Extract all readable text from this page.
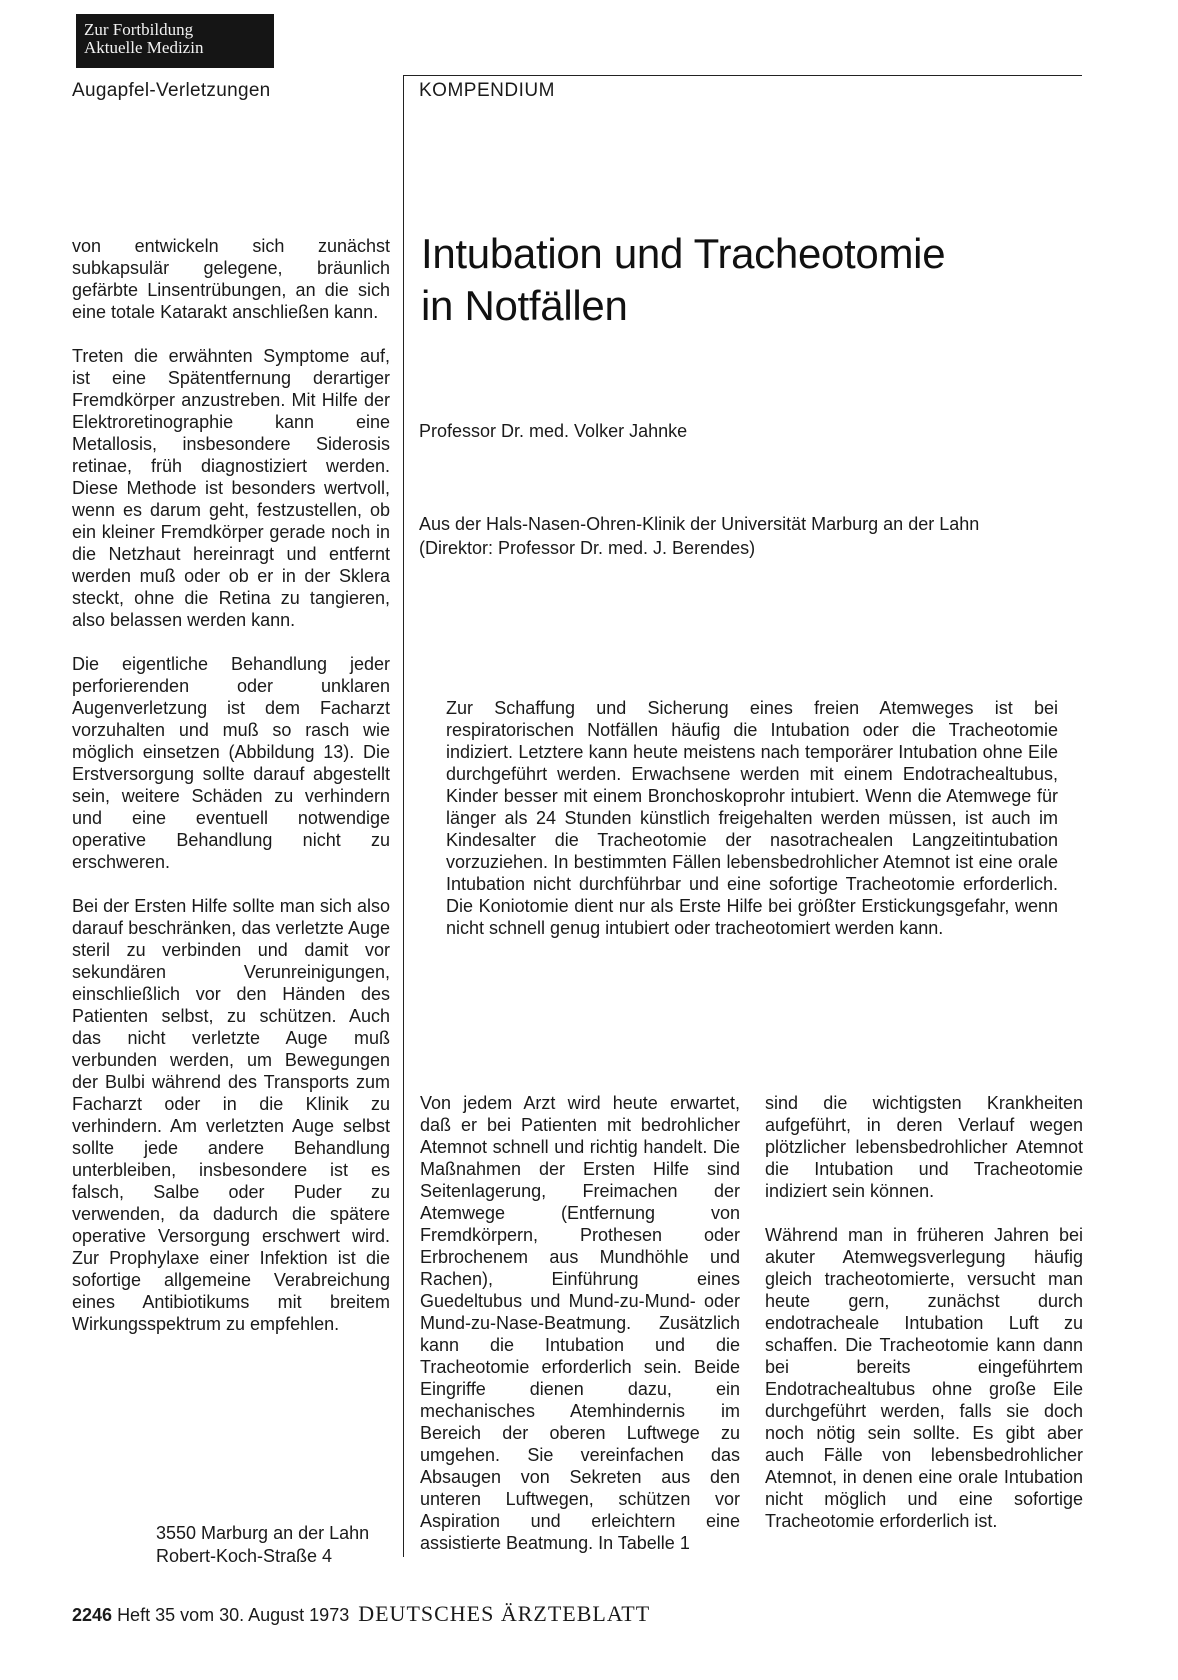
Zur Fortbildung
Aktuelle Medizin
Augapfel-Verletzungen	KOMPENDIUM
Intubation und Tracheotomie
in Notfällen
Professor Dr. med. Volker Jahnke
Aus der Hals-Nasen-Ohren-Klinik der Universität Marburg an der Lahn
(Direktor: Professor Dr. med. J. Berendes)

von entwickeln sich zunächst subkapsulär gelegene, bräunlich gefärbte Linsentrübungen, an die sich eine totale Katarakt anschließen kann.

Treten die erwähnten Symptome auf, ist eine Spätentfernung derartiger Fremdkörper anzustreben. Mit Hilfe der Elektroretinographie kann eine Metallosis, insbesondere Siderosis retinae, früh diagnostiziert werden. Diese Methode ist besonders wertvoll, wenn es darum geht, festzustellen, ob ein kleiner Fremdkörper gerade noch in die Netzhaut hereinragt und entfernt werden muß oder ob er in der Sklera steckt, ohne die Retina zu tangieren, also belassen werden kann.

Die eigentliche Behandlung jeder perforierenden oder unklaren Augenverletzung ist dem Facharzt vorzuhalten und muß so rasch wie möglich einsetzen (Abbildung 13). Die Erstversorgung sollte darauf abgestellt sein, weitere Schäden zu verhindern und eine eventuell notwendige operative Behandlung nicht zu erschweren.

Bei der Ersten Hilfe sollte man sich also darauf beschränken, das verletzte Auge steril zu verbinden und damit vor sekundären Verunreinigungen, einschließlich vor den Händen des Patienten selbst, zu schützen. Auch das nicht verletzte Auge muß verbunden werden, um Bewegungen der Bulbi während des Transports zum Facharzt oder in die Klinik zu verhindern. Am verletzten Auge selbst sollte jede andere Behandlung unterbleiben, insbesondere ist es falsch, Salbe oder Puder zu verwenden, da dadurch die spätere operative Versorgung erschwert wird. Zur Prophylaxe einer Infektion ist die sofortige allgemeine Verabreichung eines Antibiotikums mit breitem Wirkungsspektrum zu empfehlen.

3550 Marburg an der Lahn
Robert-Koch-Straße 4

Zur Schaffung und Sicherung eines freien Atemweges ist bei respiratorischen Notfällen häufig die Intubation oder die Tracheotomie indiziert. Letztere kann heute meistens nach temporärer Intubation ohne Eile durchgeführt werden. Erwachsene werden mit einem Endotrachealtubus, Kinder besser mit einem Bronchoskoprohr intubiert. Wenn die Atemwege für länger als 24 Stunden künstlich freigehalten werden müssen, ist auch im Kindesalter die Tracheotomie der nasotrachealen Langzeitintubation vorzuziehen. In bestimmten Fällen lebensbedrohlicher Atemnot ist eine orale Intubation nicht durchführbar und eine sofortige Tracheotomie erforderlich. Die Koniotomie dient nur als Erste Hilfe bei größter Erstickungsgefahr, wenn nicht schnell genug intubiert oder tracheotomiert werden kann.

Von jedem Arzt wird heute erwartet, daß er bei Patienten mit bedrohlicher Atemnot schnell und richtig handelt. Die Maßnahmen der Ersten Hilfe sind Seitenlagerung, Freimachen der Atemwege (Entfernung von Fremdkörpern, Prothesen oder Erbrochenem aus Mundhöhle und Rachen), Einführung eines Guedeltubus und Mund-zu-Mund- oder Mund-zu-Nase-Beatmung. Zusätzlich kann die Intubation und die Tracheotomie erforderlich sein. Beide Eingriffe dienen dazu, ein mechanisches Atemhindernis im Bereich der oberen Luftwege zu umgehen. Sie vereinfachen das Absaugen von Sekreten aus den unteren Luftwegen, schützen vor Aspiration und erleichtern eine assistierte Beatmung. In Tabelle 1

sind die wichtigsten Krankheiten aufgeführt, in deren Verlauf wegen plötzlicher lebensbedrohlicher Atemnot die Intubation und Tracheotomie indiziert sein können.

Während man in früheren Jahren bei akuter Atemwegsverlegung häufig gleich tracheotomierte, versucht man heute gern, zunächst durch endotracheale Intubation Luft zu schaffen. Die Tracheotomie kann dann bei bereits eingeführtem Endotrachealtubus ohne große Eile durchgeführt werden, falls sie doch noch nötig sein sollte. Es gibt aber auch Fälle von lebensbedrohlicher Atemnot, in denen eine orale Intubation nicht möglich und eine sofortige Tracheotomie erforderlich ist.

2246 Heft 35 vom 30. August 1973 DEUTSCHES ÄRZTEBLATT
